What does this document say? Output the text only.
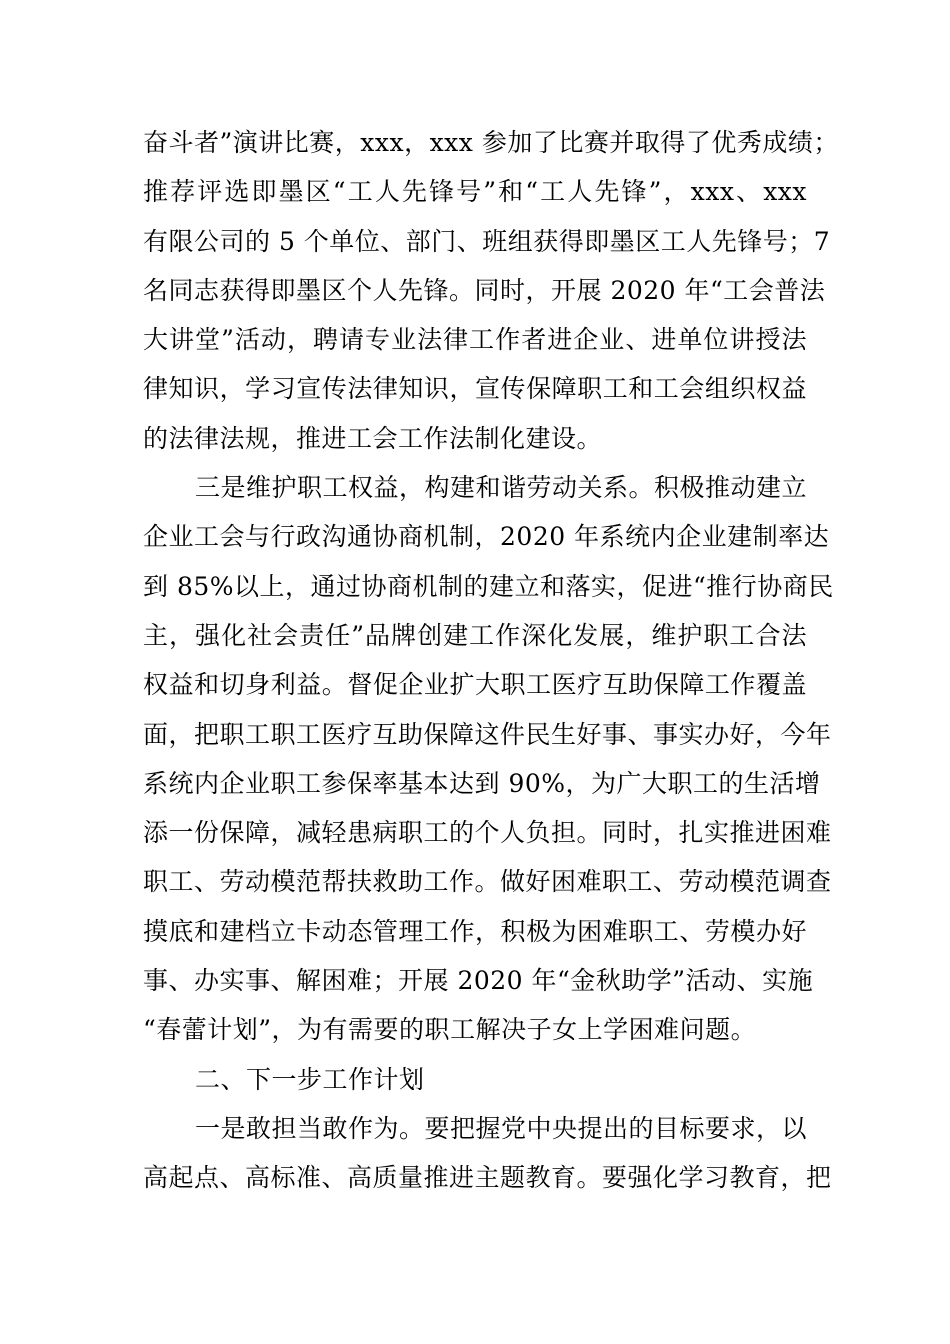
奋斗者”演讲比赛，xxx，xxx 参加了比赛并取得了优秀成绩；
推荐评选即墨区“工人先锋号”和“工人先锋”，xxx、xxx
有限公司的 5 个单位、部门、班组获得即墨区工人先锋号；7
名同志获得即墨区个人先锋。同时，开展 2020 年“工会普法
大讲堂”活动，聘请专业法律工作者进企业、进单位讲授法
律知识，学习宣传法律知识，宣传保障职工和工会组织权益
的法律法规，推进工会工作法制化建设。
三是维护职工权益，构建和谐劳动关系。积极推动建立
企业工会与行政沟通协商机制，2020 年系统内企业建制率达
到 85%以上，通过协商机制的建立和落实，促进“推行协商民
主，强化社会责任”品牌创建工作深化发展，维护职工合法
权益和切身利益。督促企业扩大职工医疗互助保障工作覆盖
面，把职工职工医疗互助保障这件民生好事、事实办好，今年
系统内企业职工参保率基本达到 90%，为广大职工的生活增
添一份保障，减轻患病职工的个人负担。同时，扎实推进困难
职工、劳动模范帮扶救助工作。做好困难职工、劳动模范调查
摸底和建档立卡动态管理工作，积极为困难职工、劳模办好
事、办实事、解困难；开展 2020 年“金秋助学”活动、实施
“春蕾计划”，为有需要的职工解决子女上学困难问题。
二、下一步工作计划
一是敢担当敢作为。要把握党中央提出的目标要求，以
高起点、高标准、高质量推进主题教育。要强化学习教育，把
